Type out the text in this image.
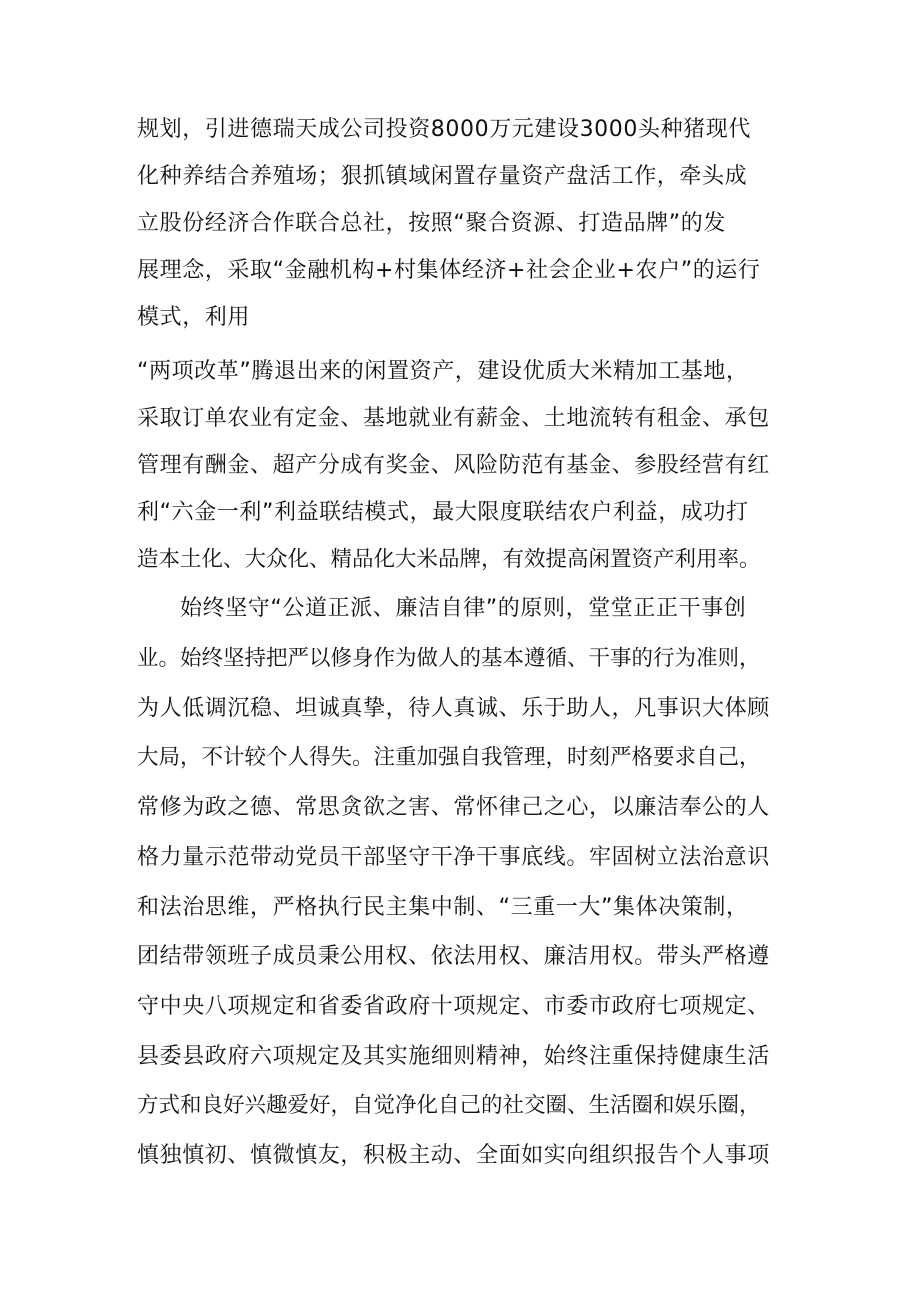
规划，引进德瑞天成公司投资8000万元建设3000头种猪现代
化种养结合养殖场；狠抓镇域闲置存量资产盘活工作，牵头成
立股份经济合作联合总社，按照“聚合资源、打造品牌”的发
展理念，采取“金融机构+村集体经济+社会企业+农户”的运行
模式，利用
“两项改革”腾退出来的闲置资产，建设优质大米精加工基地，
采取订单农业有定金、基地就业有薪金、土地流转有租金、承包
管理有酬金、超产分成有奖金、风险防范有基金、参股经营有红
利“六金一利”利益联结模式，最大限度联结农户利益，成功打
造本土化、大众化、精品化大米品牌，有效提高闲置资产利用率。
始终坚守“公道正派、廉洁自律”的原则，堂堂正正干事创
业。始终坚持把严以修身作为做人的基本遵循、干事的行为准则，
为人低调沉稳、坦诚真挚，待人真诚、乐于助人，凡事识大体顾
大局，不计较个人得失。注重加强自我管理，时刻严格要求自己，
常修为政之德、常思贪欲之害、常怀律己之心，以廉洁奉公的人
格力量示范带动党员干部坚守干净干事底线。牢固树立法治意识
和法治思维，严格执行民主集中制、“三重一大”集体决策制，
团结带领班子成员秉公用权、依法用权、廉洁用权。带头严格遵
守中央八项规定和省委省政府十项规定、市委市政府七项规定、
县委县政府六项规定及其实施细则精神，始终注重保持健康生活
方式和良好兴趣爱好，自觉净化自己的社交圈、生活圈和娱乐圈，
慎独慎初、慎微慎友，积极主动、全面如实向组织报告个人事项
